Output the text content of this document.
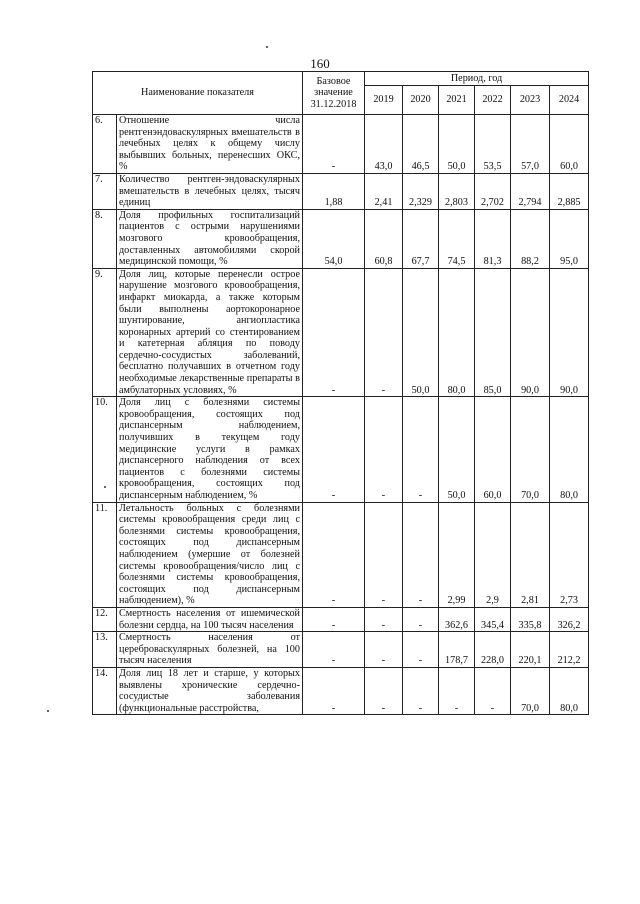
160
Наименование показателя		Базовое значение 31.12.2018	Период, год					
			2019	2020	2021	2022	2023	2024
6.	Отношение числа рентгенэндоваскулярных вмешательств в лечебных целях к общему числу выбывших больных, перенесших ОКС, %	-	43,0	46,5	50,0	53,5	57,0	60,0
7.	Количество рентген-эндоваскулярных вмешательств в лечебных целях, тысяч единиц	1,88	2,41	2,329	2,803	2,702	2,794	2,885
8.	Доля профильных госпитализаций пациентов с острыми нарушениями мозгового кровообращения, доставленных автомобилями скорой медицинской помощи, %	54,0	60,8	67,7	74,5	81,3	88,2	95,0
9.	Доля лиц, которые перенесли острое нарушение мозгового кровообращения, инфаркт миокарда, а также которым были выполнены аортокоронарное шунтирование, ангиопластика коронарных артерий со стентированием и катетерная абляция по поводу сердечно-сосудистых заболеваний, бесплатно получавших в отчетном году необходимые лекарственные препараты в амбулаторных условиях, %	-	-	50,0	80,0	85,0	90,0	90,0
10.	Доля лиц с болезнями системы кровообращения, состоящих под диспансерным наблюдением, получивших в текущем году медицинские услуги в рамках диспансерного наблюдения от всех пациентов с болезнями системы кровообращения, состоящих под диспансерным наблюдением, %	-	-	-	50,0	60,0	70,0	80,0
11.	Летальность больных с болезнями системы кровообращения среди лиц с болезнями системы кровообращения, состоящих под диспансерным наблюдением (умершие от болезней системы кровообращения/число лиц с болезнями системы кровообращения, состоящих под диспансерным наблюдением), %	-	-	-	2,99	2,9	2,81	2,73
12.	Смертность населения от ишемической болезни сердца, на 100 тысяч населения	-	-	-	362,6	345,4	335,8	326,2
13.	Смертность населения от цереброваскулярных болезней, на 100 тысяч населения	-	-	-	178,7	228,0	220,1	212,2
14.	Доля лиц 18 лет и старше, у которых выявлены хронические сердечно-сосудистые заболевания (функциональные расстройства,	-	-	-	-	-	70,0	80,0
